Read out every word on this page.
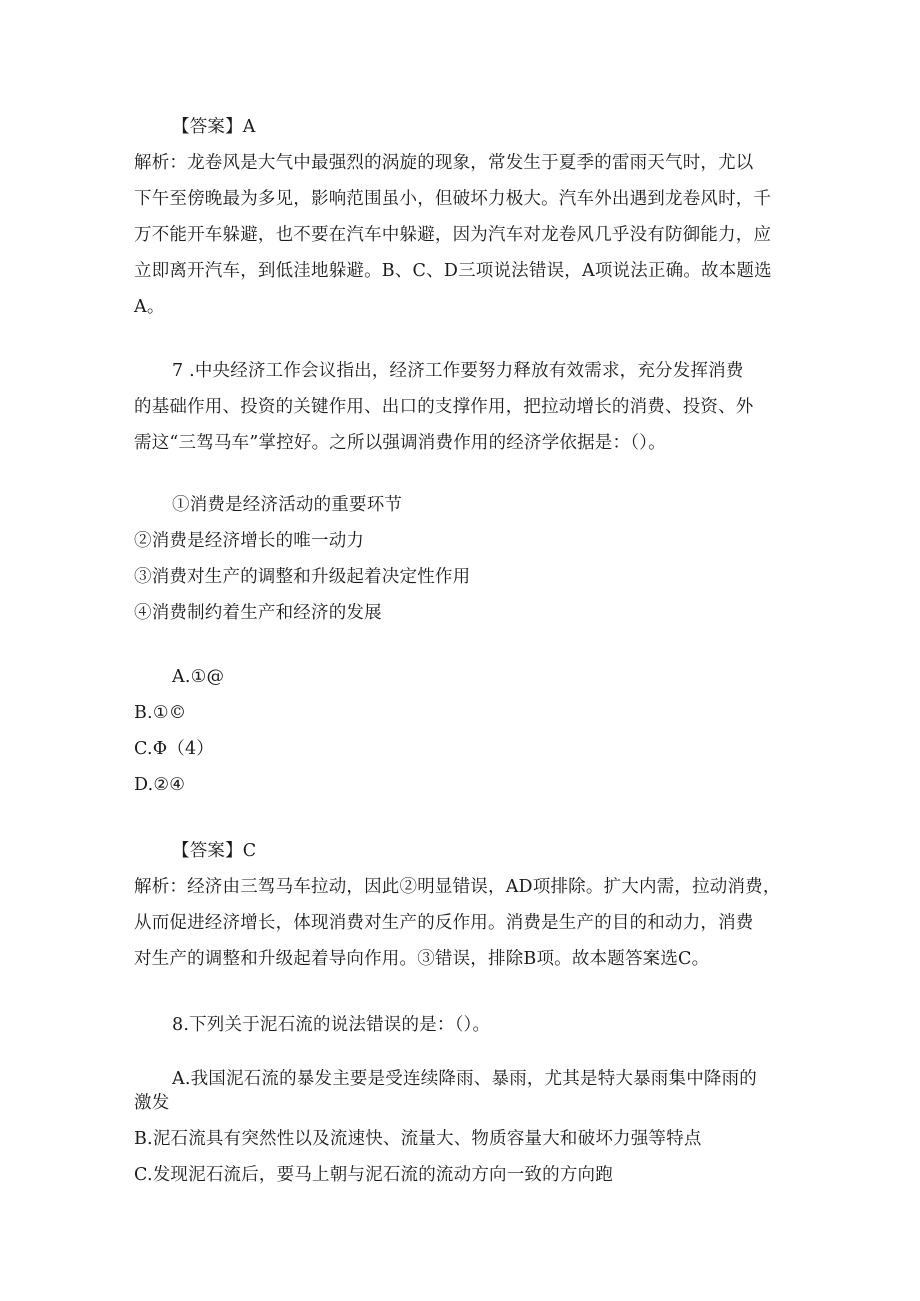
【答案】A
解析：龙卷风是大气中最强烈的涡旋的现象，常发生于夏季的雷雨天气时，尤以
下午至傍晚最为多见，影响范围虽小，但破坏力极大。汽车外出遇到龙卷风时，千
万不能开车躲避，也不要在汽车中躲避，因为汽车对龙卷风几乎没有防御能力，应
立即离开汽车，到低洼地躲避。B、C、D三项说法错误，A项说法正确。故本题选
A。
7 .中央经济工作会议指出，经济工作要努力释放有效需求，充分发挥消费
的基础作用、投资的关键作用、出口的支撑作用，把拉动增长的消费、投资、外
需这“三驾马车”掌控好。之所以强调消费作用的经济学依据是：（）。
①消费是经济活动的重要环节
②消费是经济增长的唯一动力
③消费对生产的调整和升级起着决定性作用
④消费制约着生产和经济的发展
A.①@
B.①©
C.Φ（4）
D.②④
【答案】C
解析：经济由三驾马车拉动，因此②明显错误，AD项排除。扩大内需，拉动消费，
从而促进经济增长，体现消费对生产的反作用。消费是生产的目的和动力，消费
对生产的调整和升级起着导向作用。③错误，排除B项。故本题答案选C。
8.下列关于泥石流的说法错误的是：（）。
A.我国泥石流的暴发主要是受连续降雨、暴雨，尤其是特大暴雨集中降雨的
激发
B.泥石流具有突然性以及流速快、流量大、物质容量大和破坏力强等特点
C.发现泥石流后，要马上朝与泥石流的流动方向一致的方向跑
